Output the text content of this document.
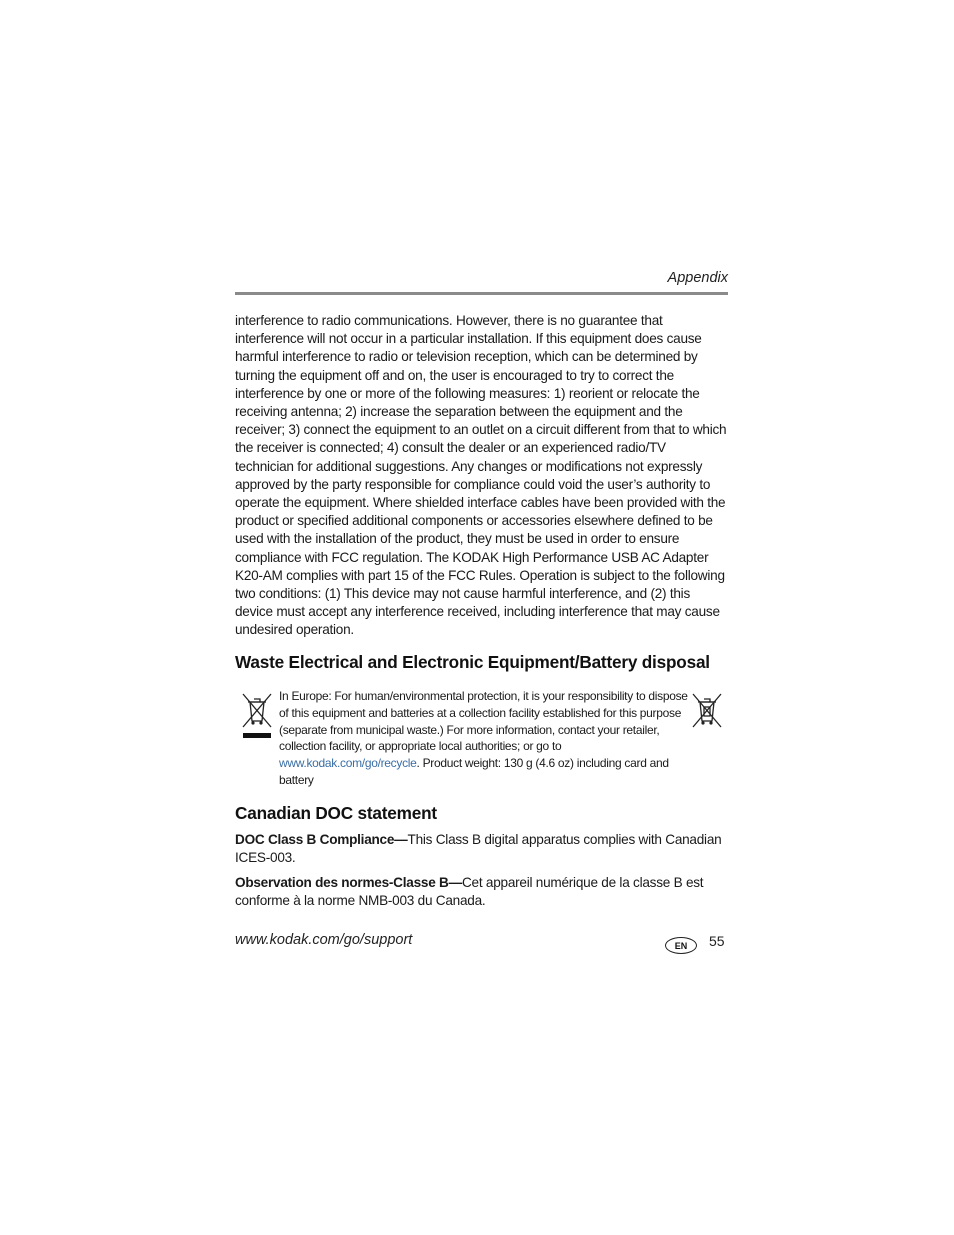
Appendix

interference to radio communications. However, there is no guarantee that interference will not occur in a particular installation. If this equipment does cause harmful interference to radio or television reception, which can be determined by turning the equipment off and on, the user is encouraged to try to correct the interference by one or more of the following measures: 1) reorient or relocate the receiving antenna; 2) increase the separation between the equipment and the receiver; 3) connect the equipment to an outlet on a circuit different from that to which the receiver is connected; 4) consult the dealer or an experienced radio/TV technician for additional suggestions. Any changes or modifications not expressly approved by the party responsible for compliance could void the user’s authority to operate the equipment. Where shielded interface cables have been provided with the product or specified additional components or accessories elsewhere defined to be used with the installation of the product, they must be used in order to ensure compliance with FCC regulation. The KODAK High Performance USB AC Adapter K20-AM complies with part 15 of the FCC Rules. Operation is subject to the following two conditions: (1) This device may not cause harmful interference, and (2) this device must accept any interference received, including interference that may cause undesired operation.

Waste Electrical and Electronic Equipment/Battery disposal

In Europe: For human/environmental protection, it is your responsibility to dispose of this equipment and batteries at a collection facility established for this purpose (separate from municipal waste.) For more information, contact your retailer, collection facility, or appropriate local authorities; or go to www.kodak.com/go/recycle. Product weight: 130 g (4.6 oz) including card and battery

Canadian DOC statement

DOC Class B Compliance—This Class B digital apparatus complies with Canadian ICES-003.

Observation des normes-Classe B—Cet appareil numérique de la classe B est conforme à la norme NMB-003 du Canada.

www.kodak.com/go/support	EN	55
